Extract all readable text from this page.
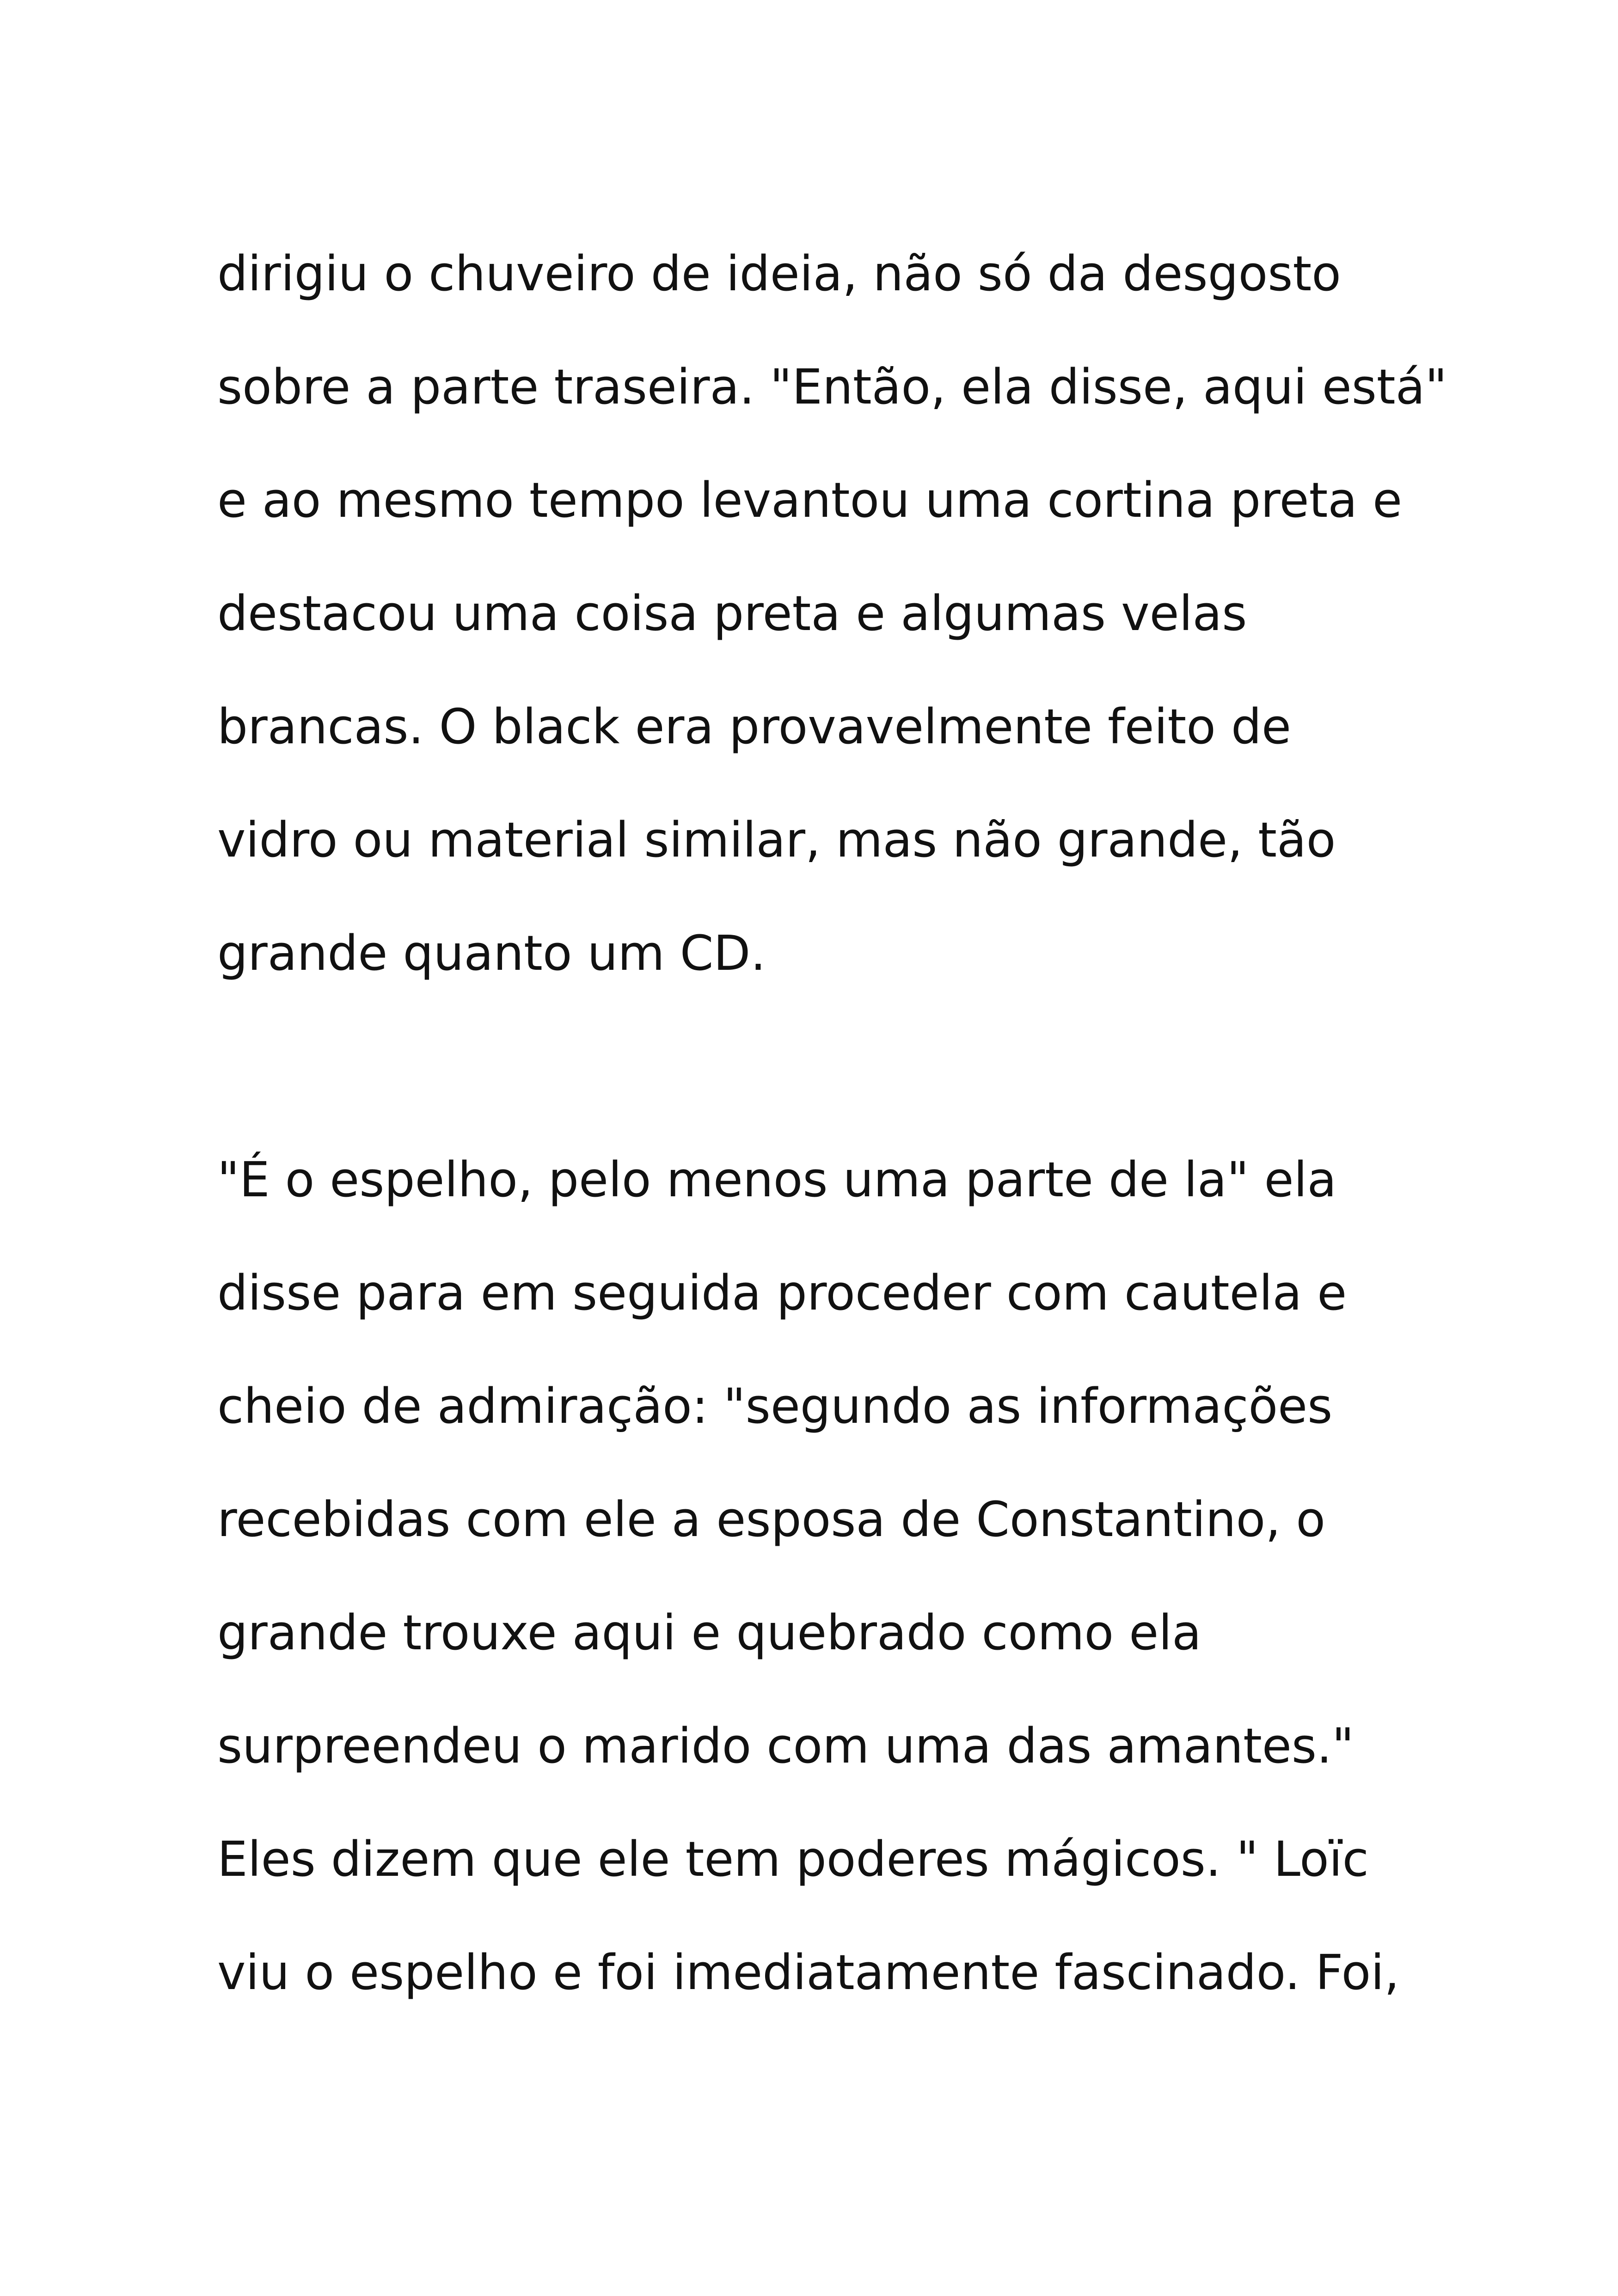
dirigiu o chuveiro de ideia, não só da desgosto
sobre a parte traseira. "Então, ela disse, aqui está"
e ao mesmo tempo levantou uma cortina preta e
destacou uma coisa preta e algumas velas
brancas. O black era provavelmente feito de
vidro ou material similar, mas não grande, tão
grande quanto um CD.
"É o espelho, pelo menos uma parte de la" ela
disse para em seguida proceder com cautela e
cheio de admiração: "segundo as informações
recebidas com ele a esposa de Constantino, o
grande trouxe aqui e quebrado como ela
surpreendeu o marido com uma das amantes."
Eles dizem que ele tem poderes mágicos. " Loïc
viu o espelho e foi imediatamente fascinado. Foi,
